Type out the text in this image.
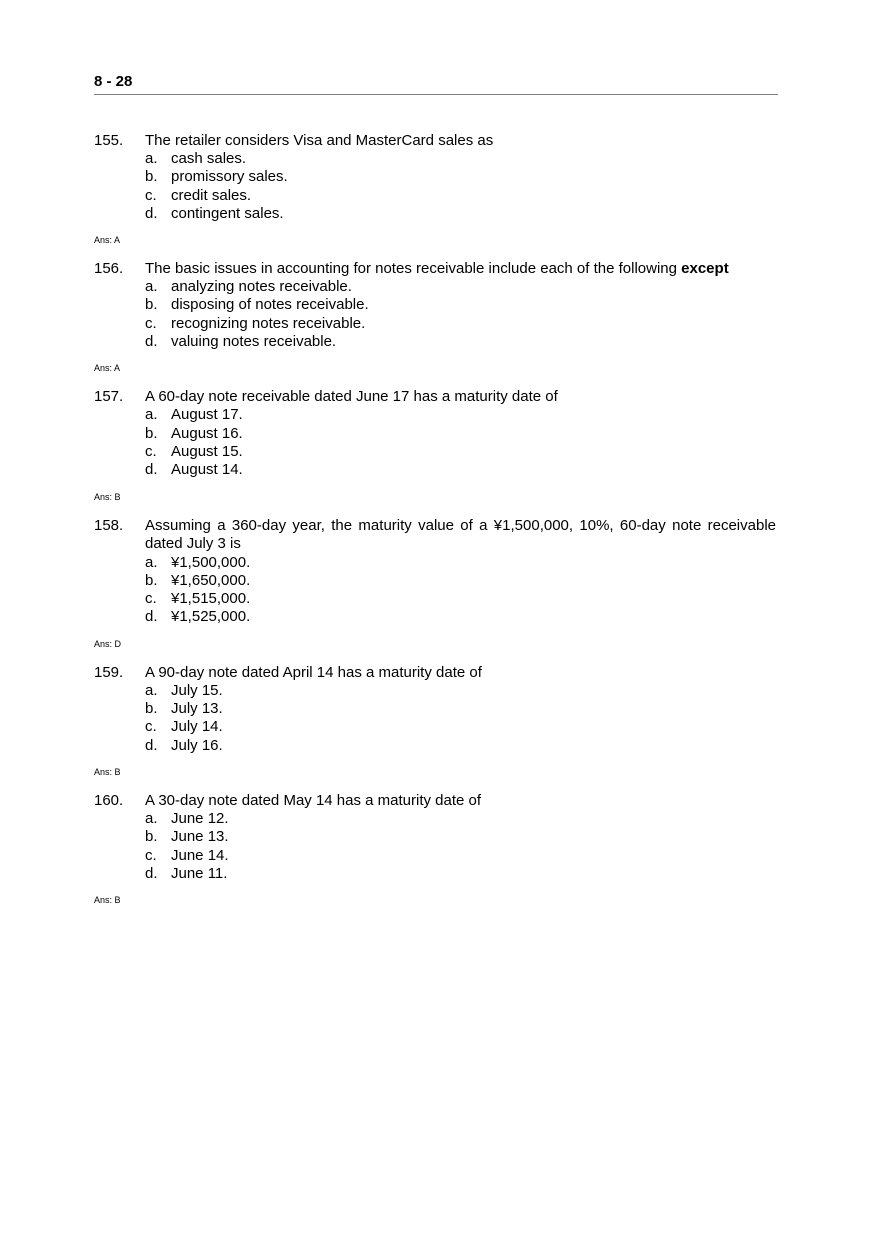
8 - 28
155.	The retailer considers Visa and MasterCard sales as
a. cash sales.
b. promissory sales.
c. credit sales.
d. contingent sales.
Ans: A
156.	The basic issues in accounting for notes receivable include each of the following except
a. analyzing notes receivable.
b. disposing of notes receivable.
c. recognizing notes receivable.
d. valuing notes receivable.
Ans: A
157.	A 60-day note receivable dated June 17 has a maturity date of
a. August 17.
b. August 16.
c. August 15.
d. August 14.
Ans: B
158.	Assuming a 360-day year, the maturity value of a ¥1,500,000, 10%, 60-day note receivable dated July 3 is
a. ¥1,500,000.
b. ¥1,650,000.
c. ¥1,515,000.
d. ¥1,525,000.
Ans: D
159.	A 90-day note dated April 14 has a maturity date of
a. July 15.
b. July 13.
c. July 14.
d. July 16.
Ans: B
160.	A 30-day note dated May 14 has a maturity date of
a. June 12.
b. June 13.
c. June 14.
d. June 11.
Ans: B
